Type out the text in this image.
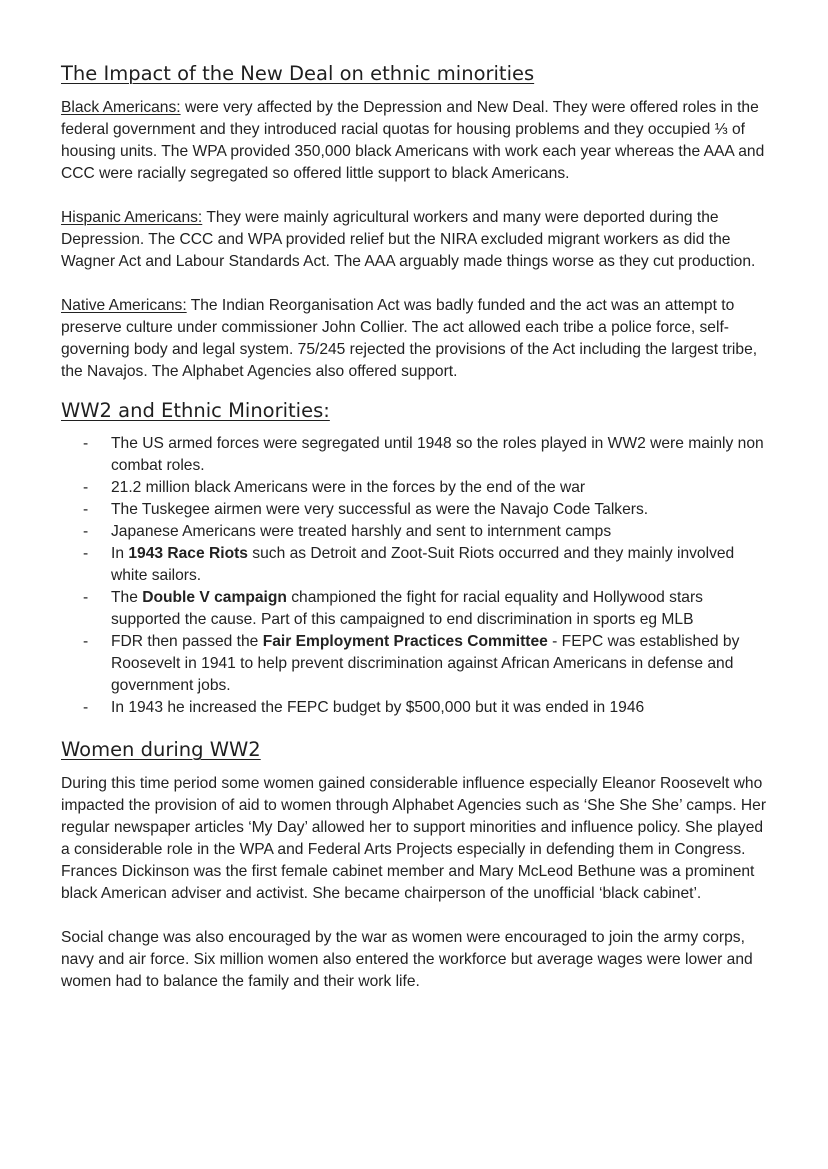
The Impact of the New Deal on ethnic minorities

Black Americans: were very affected by the Depression and New Deal. They were offered roles in the federal government and they introduced racial quotas for housing problems and they occupied ⅓ of housing units. The WPA provided 350,000 black Americans with work each year whereas the AAA and CCC were racially segregated so offered little support to black Americans.

Hispanic Americans: They were mainly agricultural workers and many were deported during the Depression. The CCC and WPA provided relief but the NIRA excluded migrant workers as did the Wagner Act and Labour Standards Act. The AAA arguably made things worse as they cut production.

Native Americans: The Indian Reorganisation Act was badly funded and the act was an attempt to preserve culture under commissioner John Collier. The act allowed each tribe a police force, self-governing body and legal system. 75/245 rejected the provisions of the Act including the largest tribe, the Navajos. The Alphabet Agencies also offered support.

WW2 and Ethnic Minorities:
- The US armed forces were segregated until 1948 so the roles played in WW2 were mainly non combat roles.
- 21.2 million black Americans were in the forces by the end of the war
- The Tuskegee airmen were very successful as were the Navajo Code Talkers.
- Japanese Americans were treated harshly and sent to internment camps
- In 1943 Race Riots such as Detroit and Zoot-Suit Riots occurred and they mainly involved white sailors.
- The Double V campaign championed the fight for racial equality and Hollywood stars supported the cause. Part of this campaigned to end discrimination in sports eg MLB
- FDR then passed the Fair Employment Practices Committee - FEPC was established by Roosevelt in 1941 to help prevent discrimination against African Americans in defense and government jobs.
- In 1943 he increased the FEPC budget by $500,000 but it was ended in 1946
Women during WW2

During this time period some women gained considerable influence especially Eleanor Roosevelt who impacted the provision of aid to women through Alphabet Agencies such as ‘She She She’ camps. Her regular newspaper articles ‘My Day’ allowed her to support minorities and influence policy. She played a considerable role in the WPA and Federal Arts Projects especially in defending them in Congress. Frances Dickinson was the first female cabinet member and Mary McLeod Bethune was a prominent black American adviser and activist. She became chairperson of the unofficial ‘black cabinet’.

Social change was also encouraged by the war as women were encouraged to join the army corps, navy and air force. Six million women also entered the workforce but average wages were lower and women had to balance the family and their work life.
